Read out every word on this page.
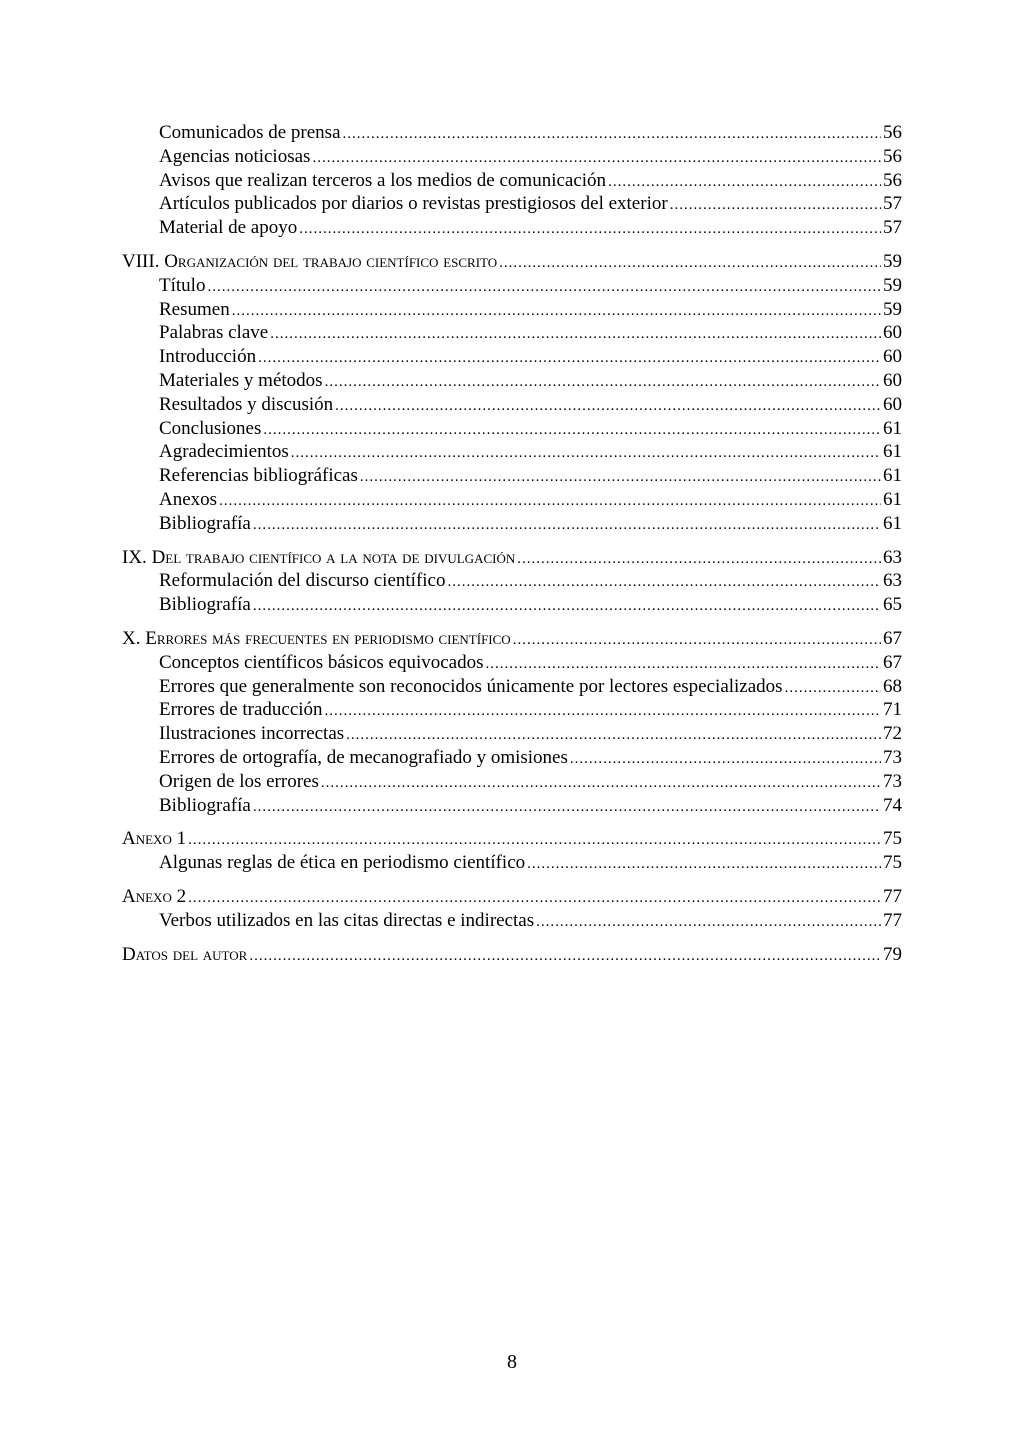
Comunicados de prensa .....	56
Agencias noticiosas .....	56
Avisos que realizan terceros a los medios de comunicación .....	56
Artículos publicados por diarios o revistas prestigiosos del exterior .....	57
Material de apoyo .....	57
VIII. Organización del trabajo científico escrito .....	59
Título .....	59
Resumen .....	59
Palabras clave .....	60
Introducción .....	60
Materiales y métodos .....	60
Resultados y discusión .....	60
Conclusiones .....	61
Agradecimientos .....	61
Referencias bibliográficas .....	61
Anexos .....	61
Bibliografía .....	61
IX. Del trabajo científico a la nota de divulgación .....	63
Reformulación del discurso científico .....	63
Bibliografía .....	65
X. Errores más frecuentes en periodismo científico .....	67
Conceptos científicos básicos equivocados .....	67
Errores que generalmente son reconocidos únicamente por lectores especializados .....	68
Errores de traducción .....	71
Ilustraciones incorrectas .....	72
Errores de ortografía, de mecanografiado y omisiones .....	73
Origen de los errores .....	73
Bibliografía .....	74
Anexo 1 .....	75
Algunas reglas de ética en periodismo científico .....	75
Anexo 2 .....	77
Verbos utilizados en las citas directas e indirectas .....	77
Datos del autor .....	79
8
